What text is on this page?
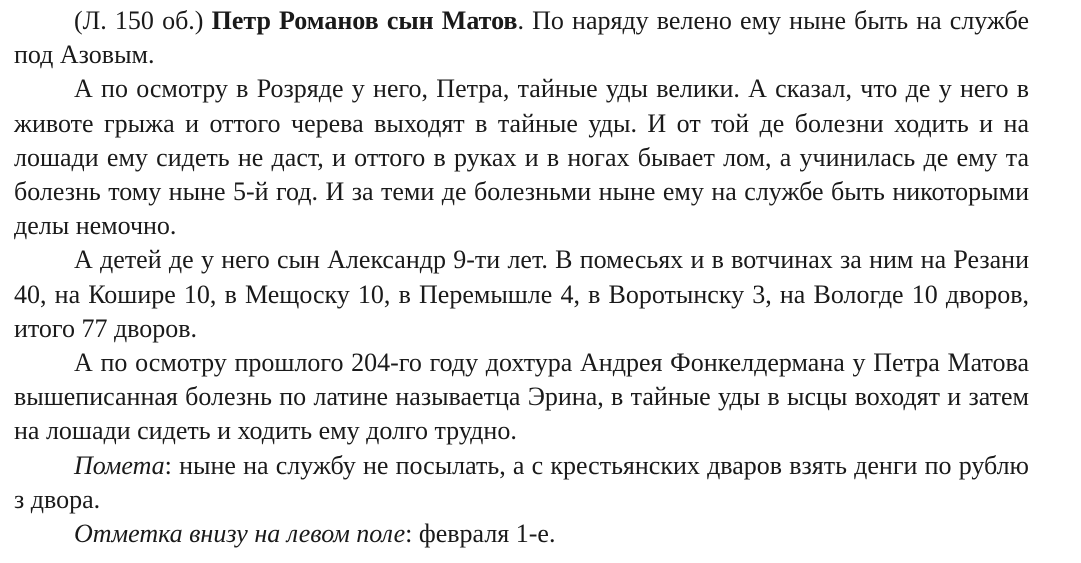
(Л. 150 об.) Петр Романов сын Матов. По наряду велено ему ныне быть на службе под Азовым.

А по осмотру в Розряде у него, Петра, тайные уды велики. А сказал, что де у него в животе грыжа и оттого черева выходят в тайные уды. И от той де болезни ходить и на лошади ему сидеть не даст, и оттого в руках и в ногах бывает лом, а учинилась де ему та болезнь тому ныне 5-й год. И за теми де болезньми ныне ему на службе быть никоторыми делы немочно.

А детей де у него сын Александр 9-ти лет. В помесьях и в вотчинах за ним на Резани 40, на Кошире 10, в Мещоску 10, в Перемышле 4, в Воротынску 3, на Вологде 10 дворов, итого 77 дворов.

А по осмотру прошлого 204-го году дохтура Андрея Фонкелдермана у Петра Матова вышеписанная болезнь по латине называетца Эрина, в тайные уды в ысцы воходят и затем на лошади сидеть и ходить ему долго трудно.

Помета: ныне на службу не посылать, а с крестьянских дваров взять денги по рублю з двора.

Отметка внизу на левом поле: февраля 1-е.
